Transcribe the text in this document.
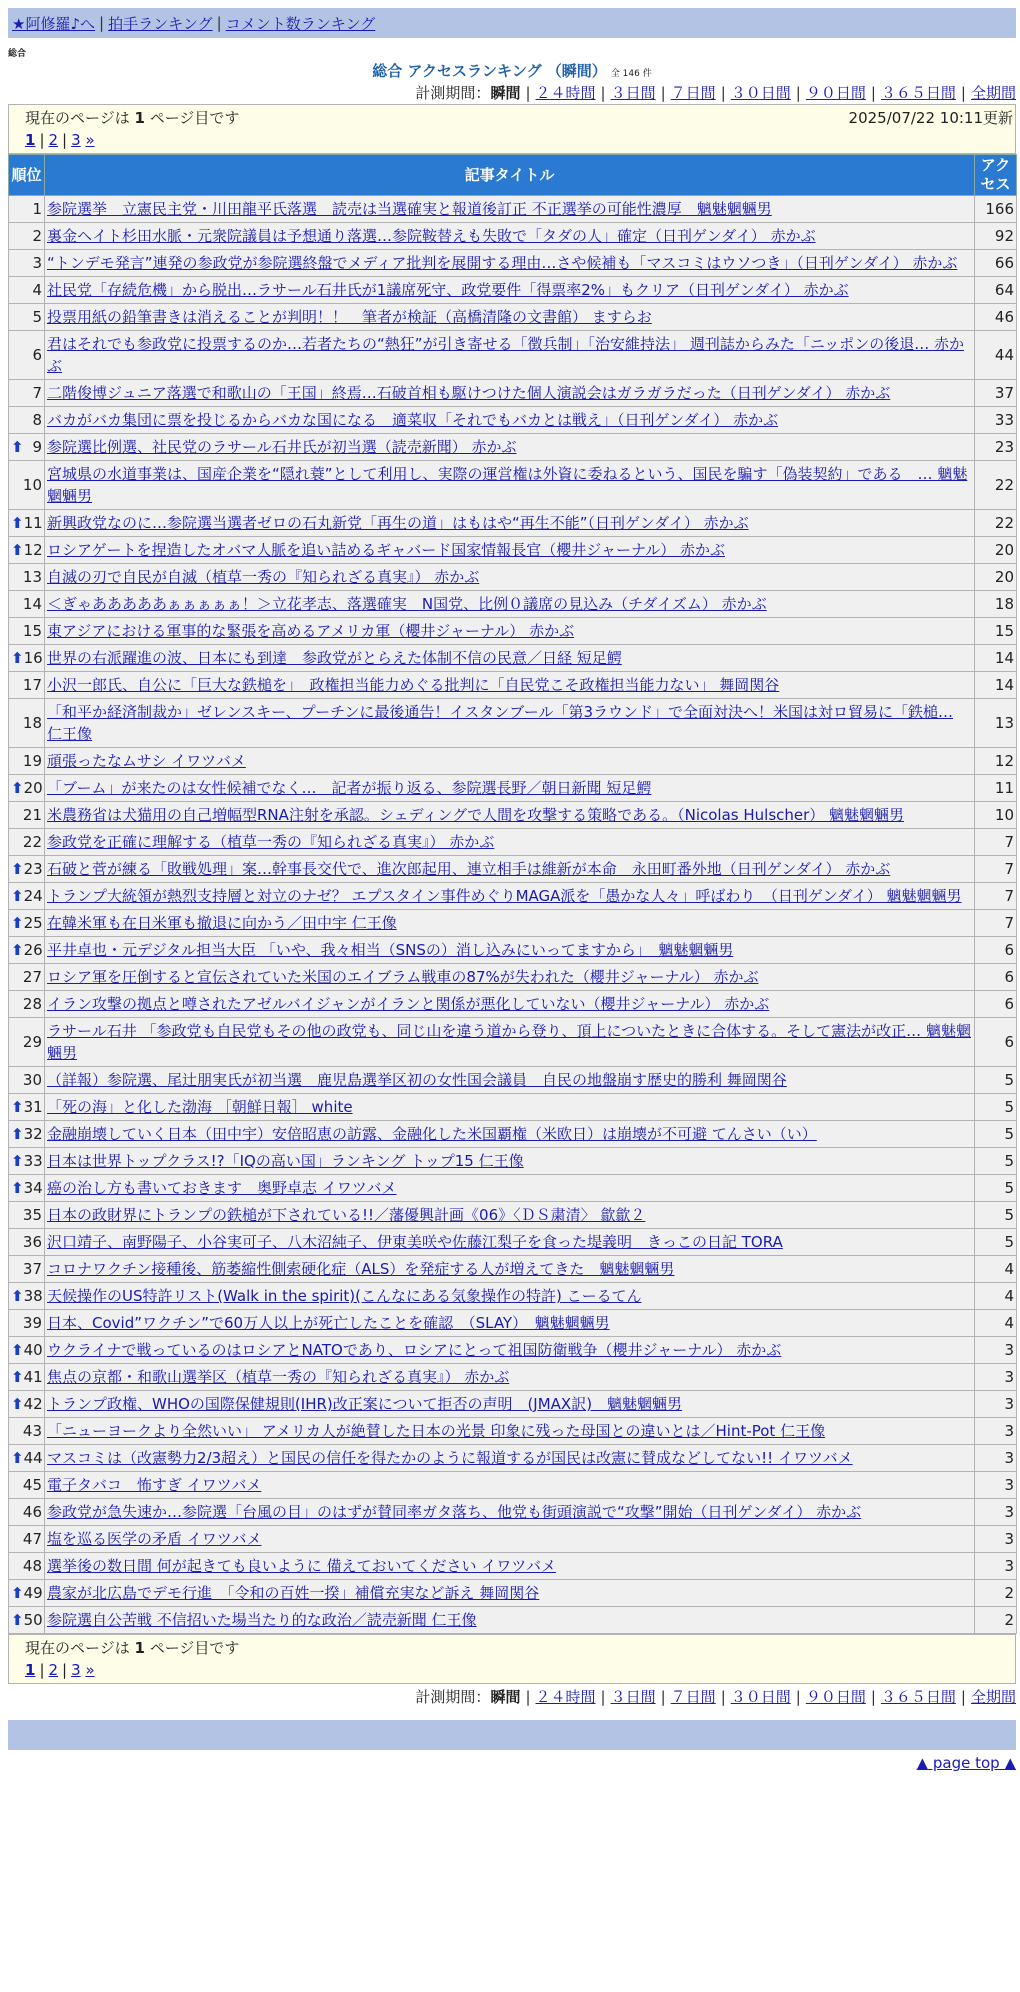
★阿修羅♪へ | 拍手ランキング | コメント数ランキング
総合
総合 アクセスランキング （瞬間） 全 146 件
計測期間：瞬間 | ２４時間 | ３日間 | ７日間 | ３０日間 | ９０日間 | ３６５日間 | 全期間
現在のページは 1 ページ目です	2025/07/22 10:11更新
1 | 2 | 3 »
順位	記事タイトル	アクセス
1	参院選挙　立憲民主党・川田龍平氏落選　読売は当選確実と報道後訂正 不正選挙の可能性濃厚　魑魅魍魎男	166
2	裏金ヘイト杉田水脈・元衆院議員は予想通り落選…参院鞍替えも失敗で「タダの人」確定（日刊ゲンダイ） 赤かぶ	92
3	“トンデモ発言”連発の参政党が参院選終盤でメディア批判を展開する理由…さや候補も「マスコミはウソつき」（日刊ゲンダイ） 赤かぶ	66
4	社民党「存続危機」から脱出…ラサール石井氏が1議席死守、政党要件「得票率2%」もクリア（日刊ゲンダイ） 赤かぶ	64
5	投票用紙の鉛筆書きは消えることが判明！！　筆者が検証（高橋清隆の文書館） ますらお	46
6	君はそれでも参政党に投票するのか…若者たちの“熱狂”が引き寄せる「徴兵制」「治安維持法」 週刊誌からみた「ニッポンの後退… 赤かぶ	44
7	二階俊博ジュニア落選で和歌山の「王国」終焉…石破首相も駆けつけた個人演説会はガラガラだった（日刊ゲンダイ） 赤かぶ	37
8	バカがバカ集団に票を投じるからバカな国になる　適菜収「それでもバカとは戦え」（日刊ゲンダイ） 赤かぶ	33

⬆ 9	参院選比例選、社民党のラサール石井氏が初当選（読売新聞） 赤かぶ	23
10	宮城県の水道事業は、国産企業を“隠れ蓑”として利用し、実際の運営権は外資に委ねるという、国民を騙す「偽装契約」である　… 魑魅魍魎男	22

⬆ 11	新興政党なのに…参院選当選者ゼロの石丸新党「再生の道」はもはや“再生不能”（日刊ゲンダイ） 赤かぶ	22

⬆ 12	ロシアゲートを捏造したオバマ人脈を追い詰めるギャバード国家情報長官（櫻井ジャーナル） 赤かぶ	20
13	自滅の刃で自民が自滅（植草一秀の『知られざる真実』） 赤かぶ	20
14	＜ぎゃあああああぁぁぁぁぁ！＞立花孝志、落選確実　N国党、比例０議席の見込み（チダイズム） 赤かぶ	18
15	東アジアにおける軍事的な緊張を高めるアメリカ軍（櫻井ジャーナル） 赤かぶ	15

⬆ 16	世界の右派躍進の波、日本にも到達　参政党がとらえた体制不信の民意／日経 短足鰐	14
17	小沢一郎氏、自公に「巨大な鉄槌を」　政権担当能力めぐる批判に「自民党こそ政権担当能力ない」 舞岡関谷	14
18	「和平か経済制裁か」ゼレンスキー、プーチンに最後通告！イスタンブール「第3ラウンド」で全面対決へ！米国は対ロ貿易に「鉄槌… 仁王像	13
19	頑張ったなムサシ イワツバメ	12

⬆ 20	「ブーム」が来たのは女性候補でなく…　記者が振り返る、参院選長野／朝日新聞 短足鰐	11
21	米農務省は犬猫用の自己増幅型RNA注射を承認。シェディングで人間を攻撃する策略である。（Nicolas Hulscher） 魑魅魍魎男	10
22	参政党を正確に理解する（植草一秀の『知られざる真実』） 赤かぶ	7

⬆ 23	石破と菅が練る「敗戦処理」案…幹事長交代で、進次郎起用、連立相手は維新が本命　永田町番外地（日刊ゲンダイ） 赤かぶ	7

⬆ 24	トランプ大統領が熱烈支持層と対立のナゼ？ エプスタイン事件めぐりMAGA派を「愚かな人々」呼ばわり　（日刊ゲンダイ） 魑魅魍魎男	7

⬆ 25	在韓米軍も在日米軍も撤退に向かう／田中宇 仁王像	7

⬆ 26	平井卓也・元デジタル担当大臣 「いや、我々相当（SNSの）消し込みにいってますから」　魑魅魍魎男	6
27	ロシア軍を圧倒すると宣伝されていた米国のエイブラム戦車の87%が失われた（櫻井ジャーナル） 赤かぶ	6
28	イラン攻撃の拠点と噂されたアゼルバイジャンがイランと関係が悪化していない（櫻井ジャーナル） 赤かぶ	6
29	ラサール石井 「参政党も自民党もその他の政党も、同じ山を違う道から登り、頂上についたときに合体する。そして憲法が改正… 魑魅魍魎男	6
30	（詳報）参院選、尾辻朋実氏が初当選　鹿児島選挙区初の女性国会議員　自民の地盤崩す歴史的勝利 舞岡関谷	5

⬆ 31	「死の海」と化した渤海 ［朝鮮日報］ white	5

⬆ 32	金融崩壊していく日本（田中宇）安倍昭恵の訪露、金融化した米国覇権（米欧日）は崩壊が不可避 てんさい（い）	5

⬆ 33	日本は世界トップクラス!?「IQの高い国」ランキング トップ15 仁王像	5

⬆ 34	癌の治し方も書いておきます　奥野卓志 イワツバメ	5
35	日本の政財界にトランプの鉄槌が下されている!!／藩優興計画《06》〈ＤＳ粛清〉 歙歙２	5
36	沢口靖子、南野陽子、小谷実可子、八木沼純子、伊東美咲や佐藤江梨子を食った堤義明　きっこの日記 TORA	5
37	コロナワクチン接種後、筋萎縮性側索硬化症（ALS）を発症する人が増えてきた　魑魅魍魎男	4

⬆ 38	天候操作のUS特許リスト(Walk in the spirit)(こんなにある気象操作の特許) こーるてん	4
39	日本、Covid”ワクチン”で60万人以上が死亡したことを確認　（SLAY）　魑魅魍魎男	4

⬆ 40	ウクライナで戦っているのはロシアとNATOであり、ロシアにとって祖国防衛戦争（櫻井ジャーナル） 赤かぶ	3

⬆ 41	焦点の京都・和歌山選挙区（植草一秀の『知られざる真実』） 赤かぶ	3

⬆ 42	トランプ政権、WHOの国際保健規則(IHR)改正案について拒否の声明　(JMAX訳)　魑魅魍魎男	3
43	「ニューヨークより全然いい」 アメリカ人が絶賛した日本の光景 印象に残った母国との違いとは／Hint-Pot 仁王像	3

⬆ 44	マスコミは（改憲勢力2/3超え）と国民の信任を得たかのように報道するが国民は改憲に賛成などしてない!! イワツバメ	3
45	電子タバコ　怖すぎ イワツバメ	3
46	参政党が急失速か…参院選「台風の目」のはずが賛同率ガタ落ち、他党も街頭演説で“攻撃”開始（日刊ゲンダイ） 赤かぶ	3
47	塩を巡る医学の矛盾 イワツバメ	3
48	選挙後の数日間 何が起きても良いように 備えておいてください イワツバメ	3

⬆ 49	農家が北広島でデモ行進　「令和の百姓一揆」補償充実など訴え 舞岡関谷	2

⬆ 50	参院選自公苦戦 不信招いた場当たり的な政治／読売新聞 仁王像	2
現在のページは 1 ページ目です
1 | 2 | 3 »
計測期間：瞬間 | ２４時間 | ３日間 | ７日間 | ３０日間 | ９０日間 | ３６５日間 | 全期間
▲ page top ▲
